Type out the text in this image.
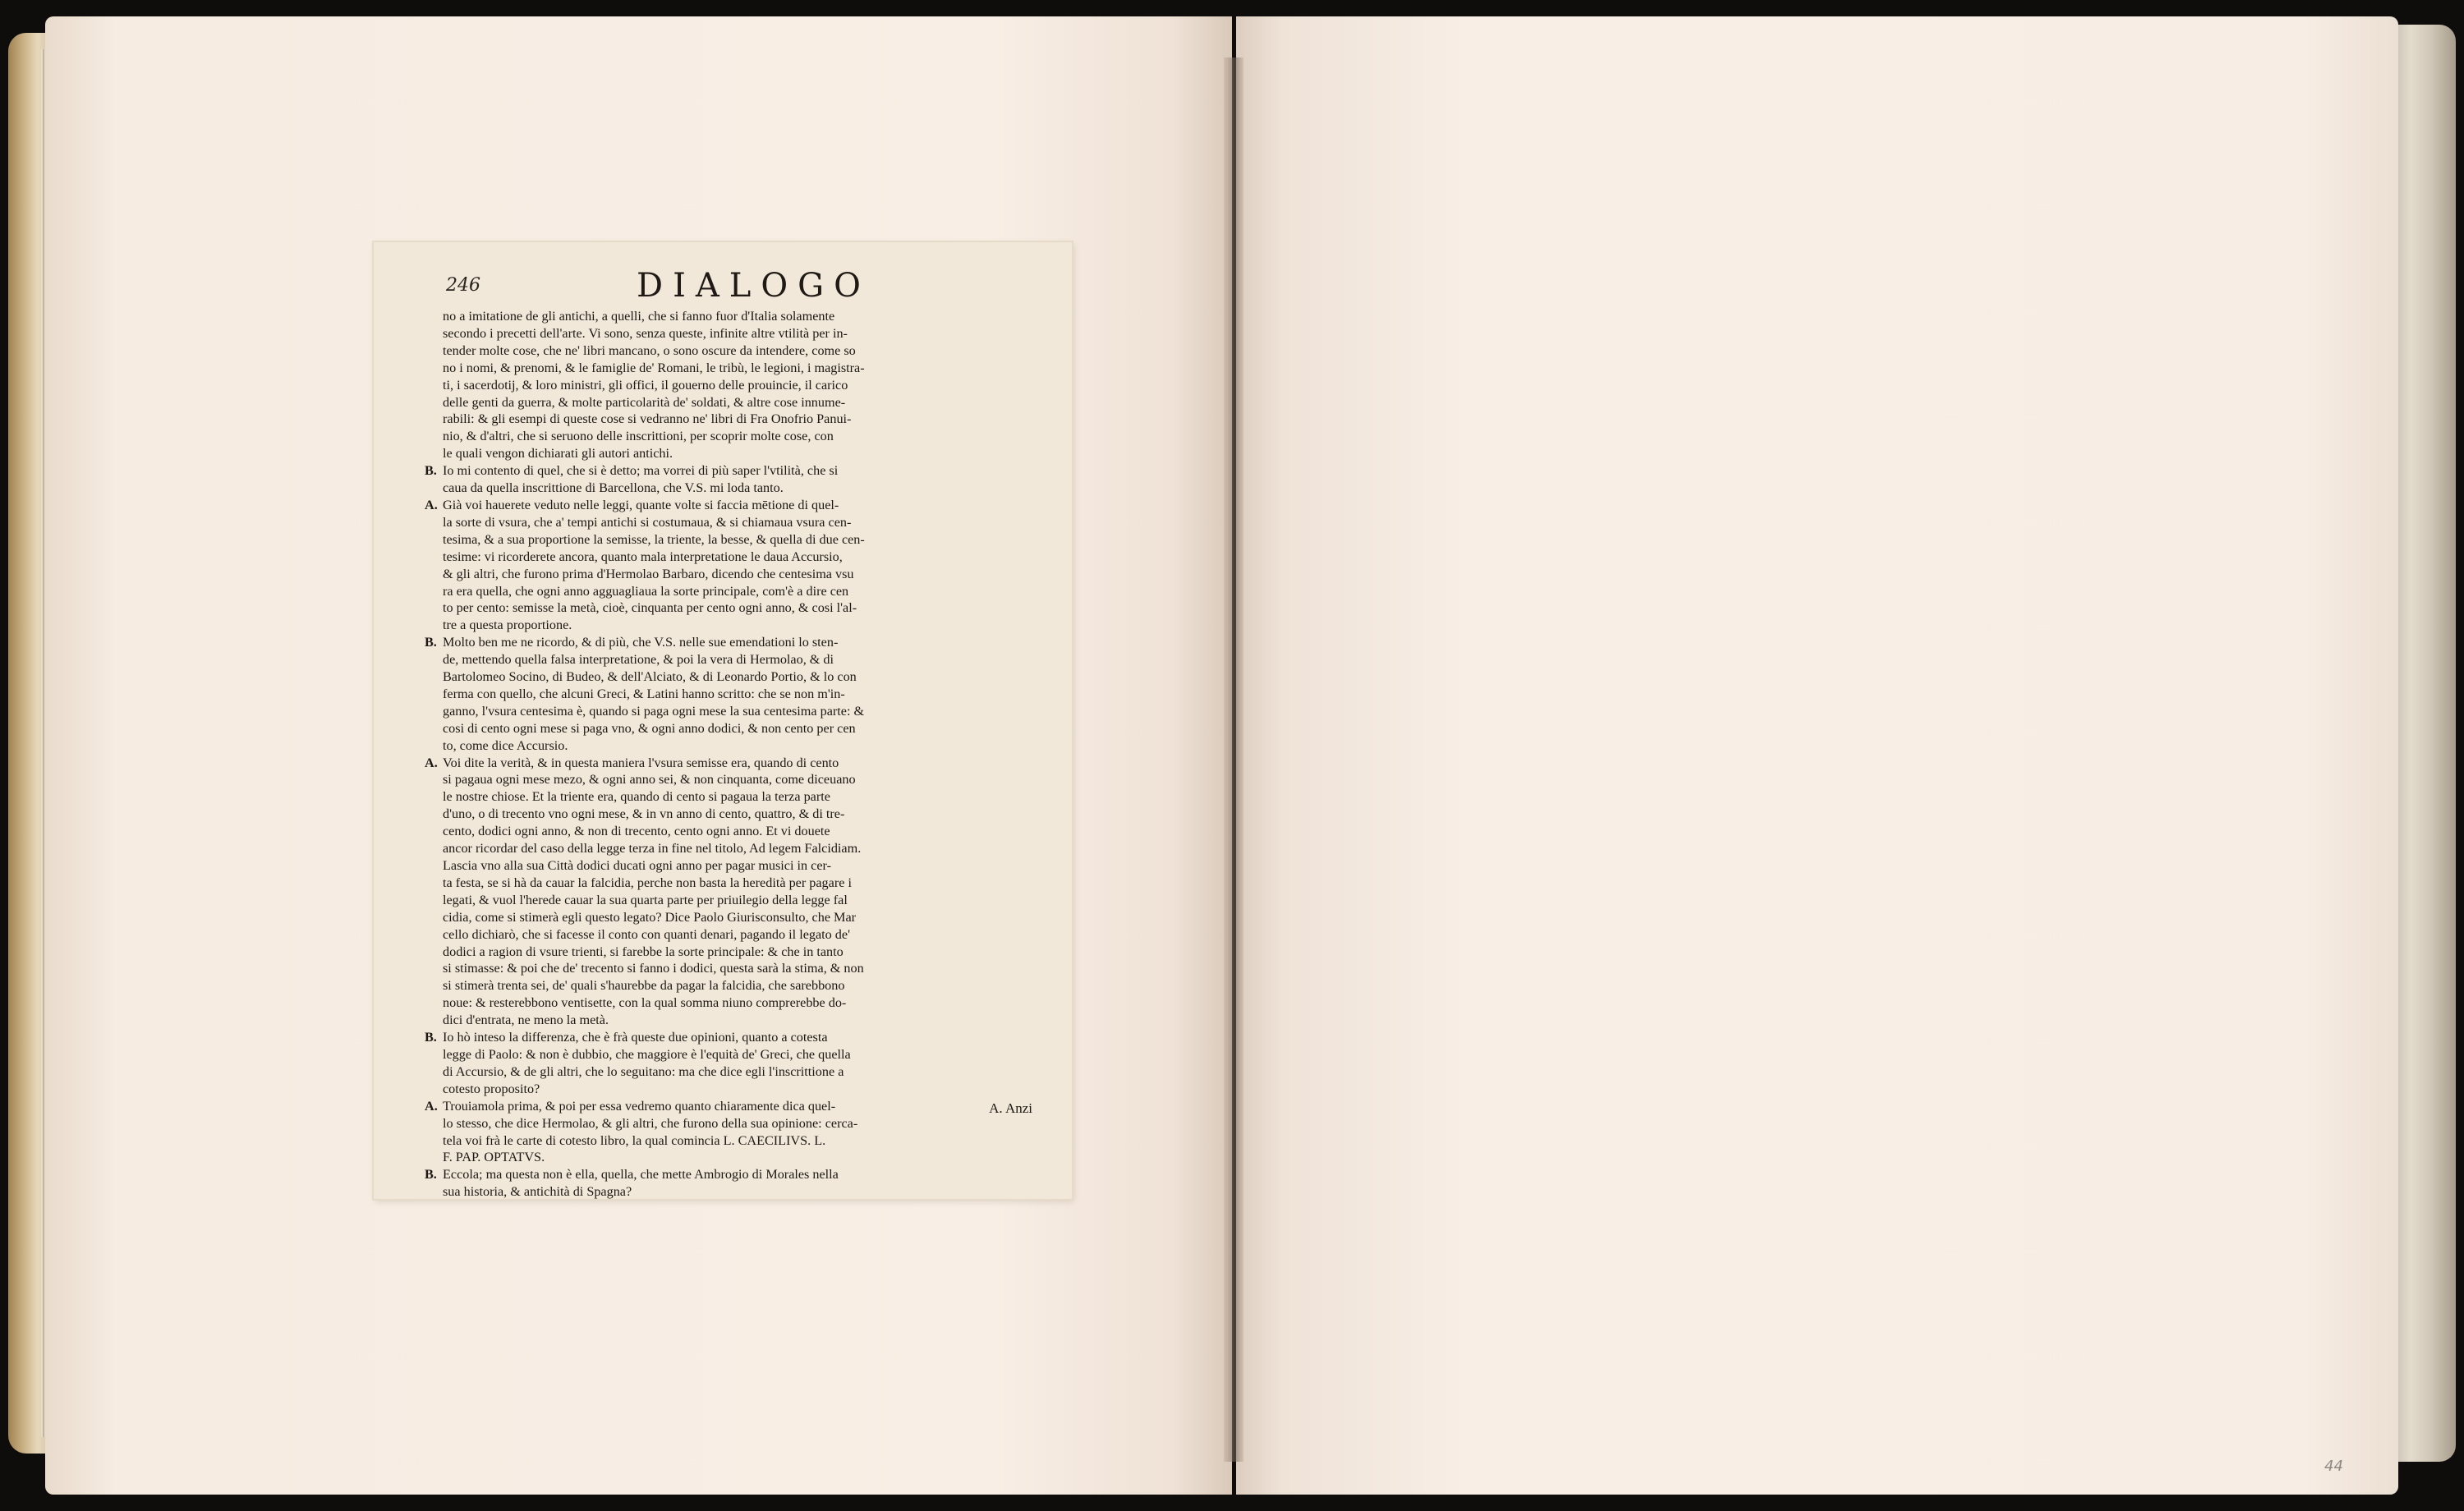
246	DIALOGO
no a imitatione de gli antichi, a quelli, che si fanno fuor d'Italia solamente
secondo i precetti dell'arte. Vi sono, senza queste, infinite altre vtilità per in-
tender molte cose, che ne' libri mancano, o sono oscure da intendere, come so
no i nomi, & prenomi, & le famiglie de' Romani, le tribù, le legioni, i magistra-
ti, i sacerdotij, & loro ministri, gli offici, il gouerno delle prouincie, il carico
delle genti da guerra, & molte particolarità de' soldati, & altre cose innume-
rabili: & gli esempi di queste cose si vedranno ne' libri di Fra Onofrio Panui-
nio, & d'altri, che si seruono delle inscrittioni, per scoprir molte cose, con
le quali vengon dichiarati gli autori antichi.
B. Io mi contento di quel, che si è detto; ma vorrei di più saper l'vtilità, che si
caua da quella inscrittione di Barcellona, che V.S. mi loda tanto.
A. Già voi hauerete veduto nelle leggi, quante volte si faccia mētione di quel-
la sorte di vsura, che a' tempi antichi si costumaua, & si chiamaua vsura cen-
tesima, & a sua proportione la semisse, la triente, la besse, & quella di due cen-
tesime: vi ricorderete ancora, quanto mala interpretatione le daua Accursio,
& gli altri, che furono prima d'Hermolao Barbaro, dicendo che centesima vsu
ra era quella, che ogni anno agguagliaua la sorte principale, com'è a dire cen
to per cento: semisse la metà, cioè, cinquanta per cento ogni anno, & cosi l'al-
tre a questa proportione.
B. Molto ben me ne ricordo, & di più, che V.S. nelle sue emendationi lo sten-
de, mettendo quella falsa interpretatione, & poi la vera di Hermolao, & di
Bartolomeo Socino, di Budeo, & dell'Alciato, & di Leonardo Portio, & lo con
ferma con quello, che alcuni Greci, & Latini hanno scritto: che se non m'in-
ganno, l'vsura centesima è, quando si paga ogni mese la sua centesima parte: &
cosi di cento ogni mese si paga vno, & ogni anno dodici, & non cento per cen
to, come dice Accursio.
A. Voi dite la verità, & in questa maniera l'vsura semisse era, quando di cento
si pagaua ogni mese mezo, & ogni anno sei, & non cinquanta, come diceuano
le nostre chiose. Et la triente era, quando di cento si pagaua la terza parte
d'uno, o di trecento vno ogni mese, & in vn anno di cento, quattro, & di tre-
cento, dodici ogni anno, & non di trecento, cento ogni anno. Et vi douete
ancor ricordar del caso della legge terza in fine nel titolo, Ad legem Falcidiam.
Lascia vno alla sua Città dodici ducati ogni anno per pagar musici in cer-
ta festa, se si hà da cauar la falcidia, perche non basta la heredità per pagare i
legati, & vuol l'herede cauar la sua quarta parte per priuilegio della legge fal
cidia, come si stimerà egli questo legato? Dice Paolo Giurisconsulto, che Mar
cello dichiarò, che si facesse il conto con quanti denari, pagando il legato de'
dodici a ragion di vsure trienti, si farebbe la sorte principale: & che in tanto
si stimasse: & poi che de' trecento si fanno i dodici, questa sarà la stima, & non
si stimerà trenta sei, de' quali s'haurebbe da pagar la falcidia, che sarebbono
noue: & resterebbono ventisette, con la qual somma niuno comprerebbe do-
dici d'entrata, ne meno la metà.
B. Io hò inteso la differenza, che è frà queste due opinioni, quanto a cotesta
legge di Paolo: & non è dubbio, che maggiore è l'equità de' Greci, che quella
di Accursio, & de gli altri, che lo seguitano: ma che dice egli l'inscrittione a
cotesto proposito?
A. Trouiamola prima, & poi per essa vedremo quanto chiaramente dica quel-
lo stesso, che dice Hermolao, & gli altri, che furono della sua opinione: cerca-
tela voi frà le carte di cotesto libro, la qual comincia L. CAECILIVS. L.
F. PAP. OPTATVS.
B. Eccola; ma questa non è ella, quella, che mette Ambrogio di Morales nella
sua historia, & antichità di Spagna?
A. Anzi
44
